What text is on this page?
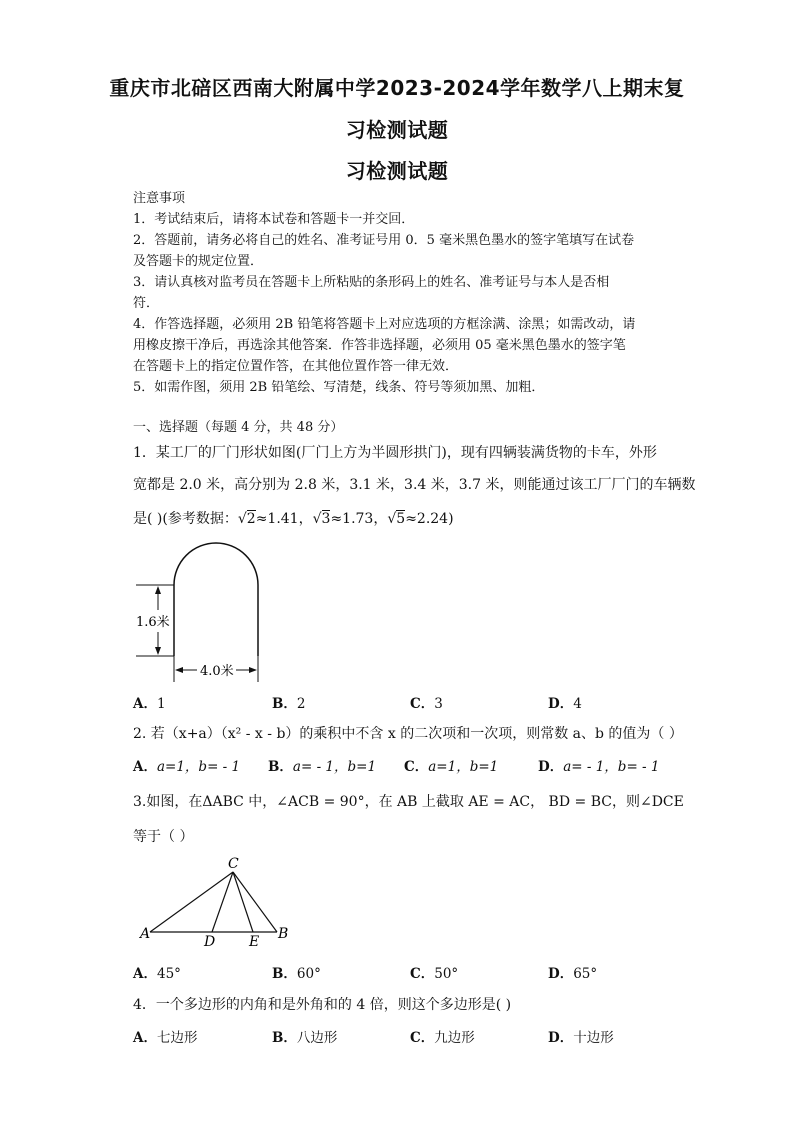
重庆市北碚区西南大附属中学2023-2024学年数学八上期末复
习检测试题
习检测试题
注意事项
1．考试结束后，请将本试卷和答题卡一并交回．
2．答题前，请务必将自己的姓名、准考证号用 0．5 毫米黑色墨水的签字笔填写在试卷
及答题卡的规定位置．
3．请认真核对监考员在答题卡上所粘贴的条形码上的姓名、准考证号与本人是否相
符．
4．作答选择题，必须用 2B 铅笔将答题卡上对应选项的方框涂满、涂黑；如需改动，请
用橡皮擦干净后，再选涂其他答案．作答非选择题，必须用 05 毫米黑色墨水的签字笔
在答题卡上的指定位置作答，在其他位置作答一律无效．
5．如需作图，须用 2B 铅笔绘、写清楚，线条、符号等须加黑、加粗．
一、选择题（每题 4 分，共 48 分）
1．某工厂的厂门形状如图(厂门上方为半圆形拱门)，现有四辆装满货物的卡车，外形
宽都是 2.0 米，高分别为 2.8 米，3.1 米，3.4 米，3.7 米，则能通过该工厂厂门的车辆数
是( )(参考数据：√2≈1.41，√3≈1.73，√5≈2.24)
1.6米
4.0米
A．1	B．2	C．3	D．4
2. 若（x+a）（x² - x - b）的乘积中不含 x 的二次项和一次项，则常数 a、b 的值为（ ）
A．a=1，b= - 1 B．a= - 1，b=1 C．a=1，b=1	D．a= - 1，b= - 1
3.如图，在ΔABC 中，∠ACB = 90°，在 AB 上截取 AE = AC， BD = BC，则∠DCE
等于（ ）
A
C
B
D E
A．45°	B．60°	C．50°	D．65°
4．一个多边形的内角和是外角和的 4 倍，则这个多边形是( )
A．七边形	B．八边形	C．九边形	D．十边形
